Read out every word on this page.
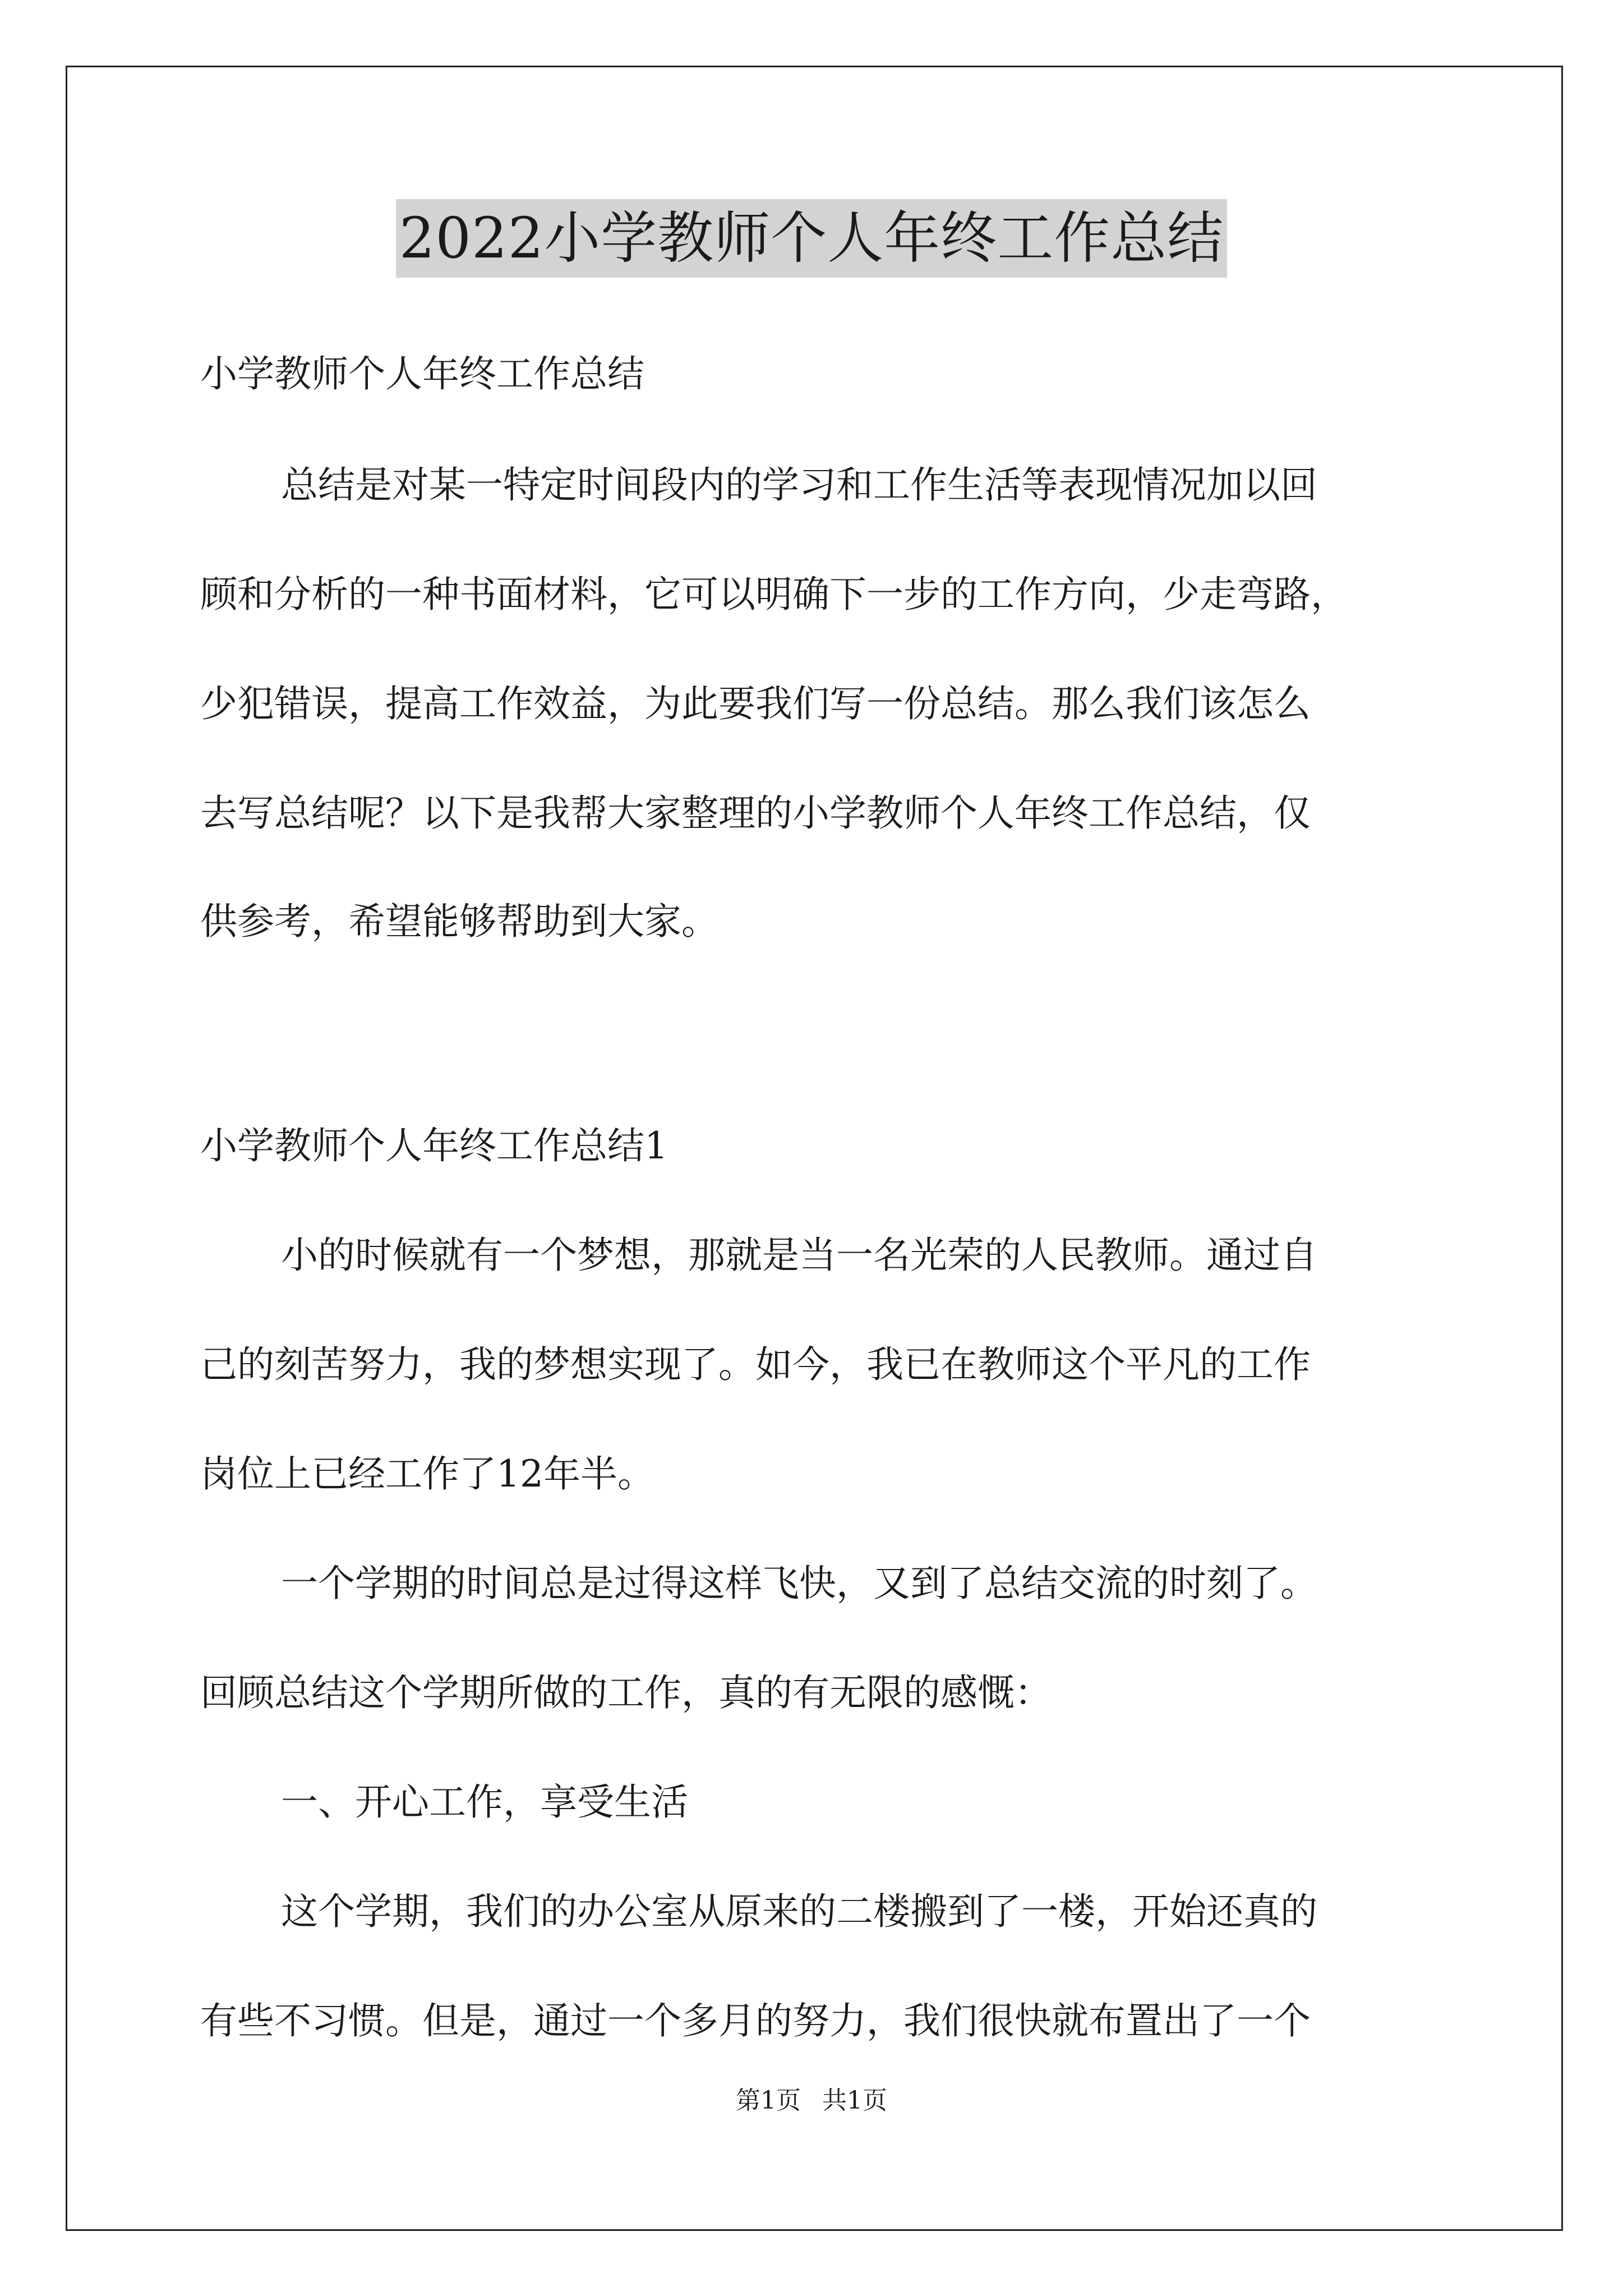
2022小学教师个人年终工作总结
小学教师个人年终工作总结
总结是对某一特定时间段内的学习和工作生活等表现情况加以回
顾和分析的一种书面材料，它可以明确下一步的工作方向，少走弯路，
少犯错误，提高工作效益，为此要我们写一份总结。那么我们该怎么
去写总结呢？以下是我帮大家整理的小学教师个人年终工作总结，仅
供参考，希望能够帮助到大家。
小学教师个人年终工作总结1
小的时候就有一个梦想，那就是当一名光荣的人民教师。通过自
己的刻苦努力，我的梦想实现了。如今，我已在教师这个平凡的工作
岗位上已经工作了12年半。
一个学期的时间总是过得这样飞快，又到了总结交流的时刻了。
回顾总结这个学期所做的工作，真的有无限的感慨：
一、开心工作，享受生活
这个学期，我们的办公室从原来的二楼搬到了一楼，开始还真的
有些不习惯。但是，通过一个多月的努力，我们很快就布置出了一个
第1页 共1页
